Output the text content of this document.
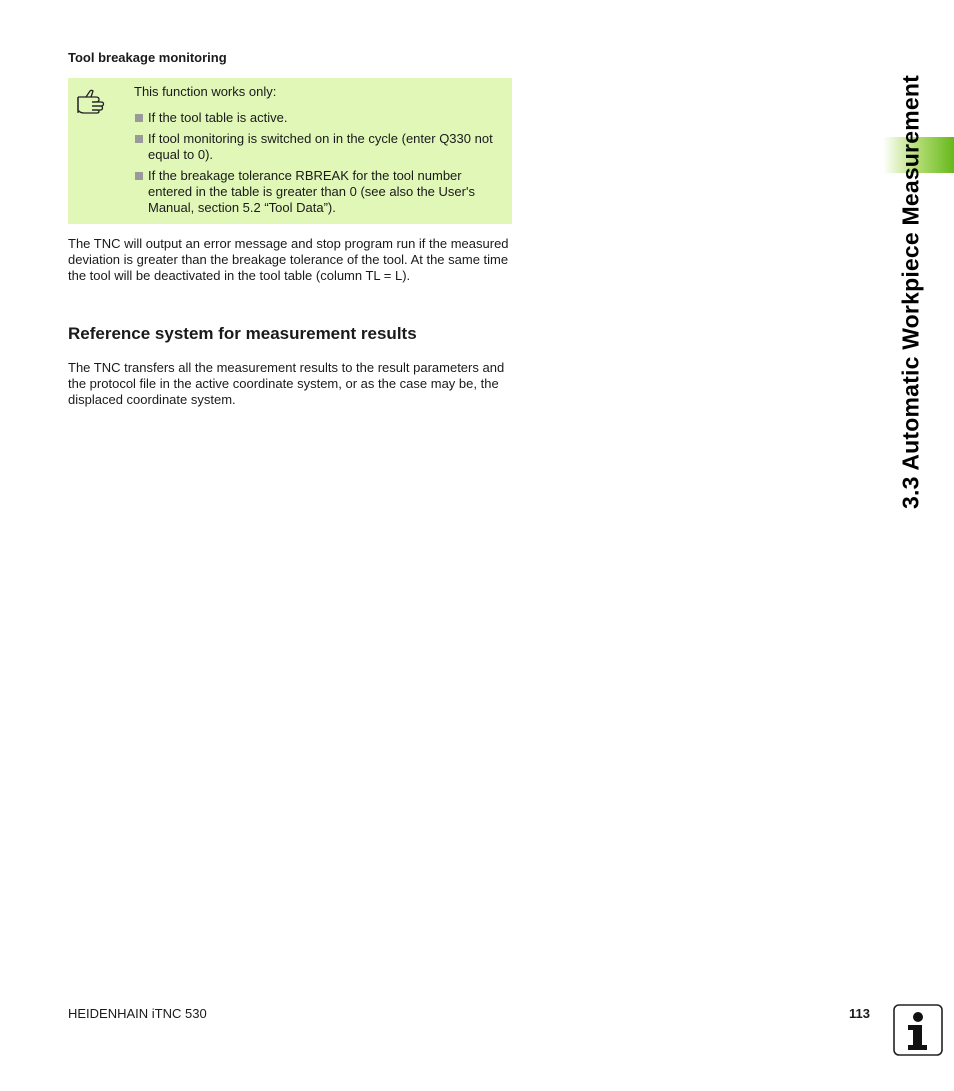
Tool breakage monitoring

This function works only:

If the tool table is active.
If tool monitoring is switched on in the cycle (enter Q330 not equal to 0).
If the breakage tolerance RBREAK for the tool number entered in the table is greater than 0 (see also the User's Manual, section 5.2 “Tool Data”).

The TNC will output an error message and stop program run if the measured deviation is greater than the breakage tolerance of the tool. At the same time the tool will be deactivated in the tool table (column TL = L).

Reference system for measurement results

The TNC transfers all the measurement results to the result parameters and the protocol file in the active coordinate system, or as the case may be, the displaced coordinate system.	3.3 Automatic Workpiece Measurement
HEIDENHAIN iTNC 530	113
